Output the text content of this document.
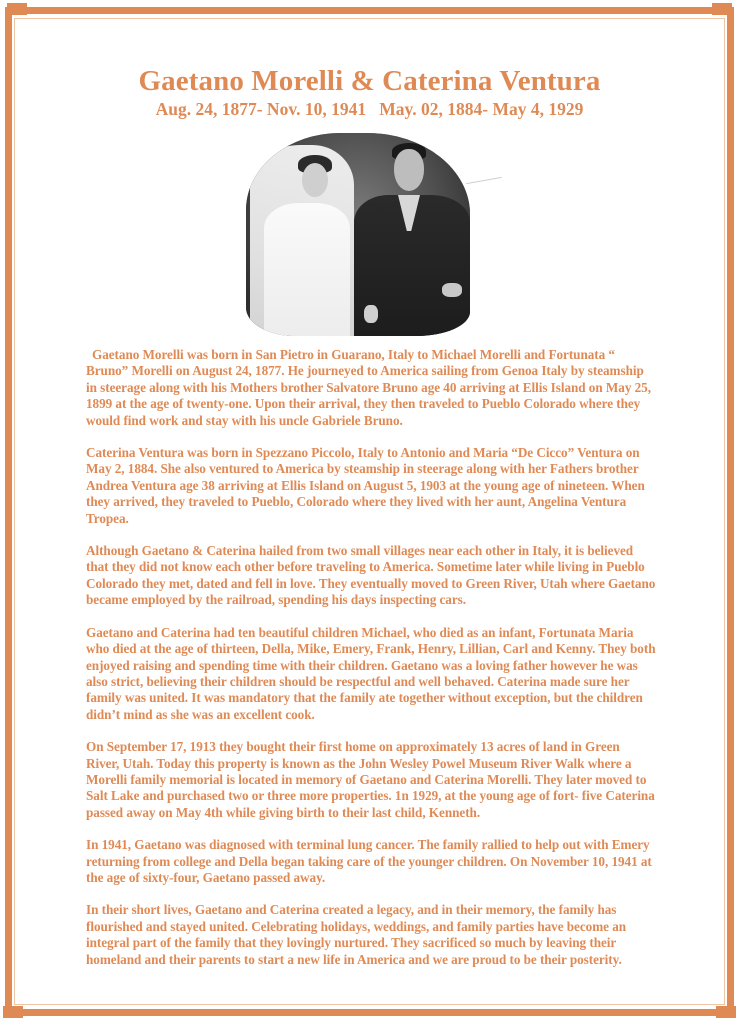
Gaetano Morelli & Caterina Ventura
Aug. 24, 1877- Nov. 10, 1941   May. 02, 1884- May 4, 1929

Gaetano Morelli was born in San Pietro in Guarano, Italy to Michael Morelli and Fortunata “ Bruno” Morelli on August 24, 1877. He journeyed to America sailing from Genoa Italy by steamship in steerage along with his Mothers brother Salvatore Bruno age 40 arriving at Ellis Island on May 25, 1899 at the age of twenty-one. Upon their arrival, they then traveled to Pueblo Colorado where they would find work and stay with his uncle Gabriele Bruno.

Caterina Ventura was born in Spezzano Piccolo, Italy to Antonio and Maria “De Cicco” Ventura on May 2, 1884. She also ventured to America by steamship in steerage along with her Fathers brother Andrea Ventura age 38 arriving at Ellis Island on August 5, 1903 at the young age of nineteen. When they arrived, they traveled to Pueblo, Colorado where they lived with her aunt, Angelina Ventura Tropea.

Although Gaetano & Caterina hailed from two small villages near each other in Italy, it is believed that they did not know each other before traveling to America. Sometime later while living in Pueblo Colorado they met, dated and fell in love. They eventually moved to Green River, Utah where Gaetano became employed by the railroad, spending his days inspecting cars.

Gaetano and Caterina had ten beautiful children Michael, who died as an infant, Fortunata Maria who died at the age of thirteen, Della, Mike, Emery, Frank, Henry, Lillian, Carl and Kenny. They both enjoyed raising and spending time with their children. Gaetano was a loving father however he was also strict, believing their children should be respectful and well behaved. Caterina made sure her family was united. It was mandatory that the family ate together without exception, but the children didn’t mind as she was an excellent cook.

On September 17, 1913 they bought their first home on approximately 13 acres of land in Green River, Utah. Today this property is known as the John Wesley Powel Museum River Walk where a Morelli family memorial is located in memory of Gaetano and Caterina Morelli. They later moved to Salt Lake and purchased two or three more properties. 1n 1929, at the young age of fort- five Caterina passed away on May 4th while giving birth to their last child, Kenneth.

In 1941, Gaetano was diagnosed with terminal lung cancer. The family rallied to help out with Emery returning from college and Della began taking care of the younger children. On November 10, 1941 at the age of sixty-four, Gaetano passed away.

In their short lives, Gaetano and Caterina created a legacy, and in their memory, the family has flourished and stayed united. Celebrating holidays, weddings, and family parties have become an integral part of the family that they lovingly nurtured. They sacrificed so much by leaving their homeland and their parents to start a new life in America and we are proud to be their posterity.
